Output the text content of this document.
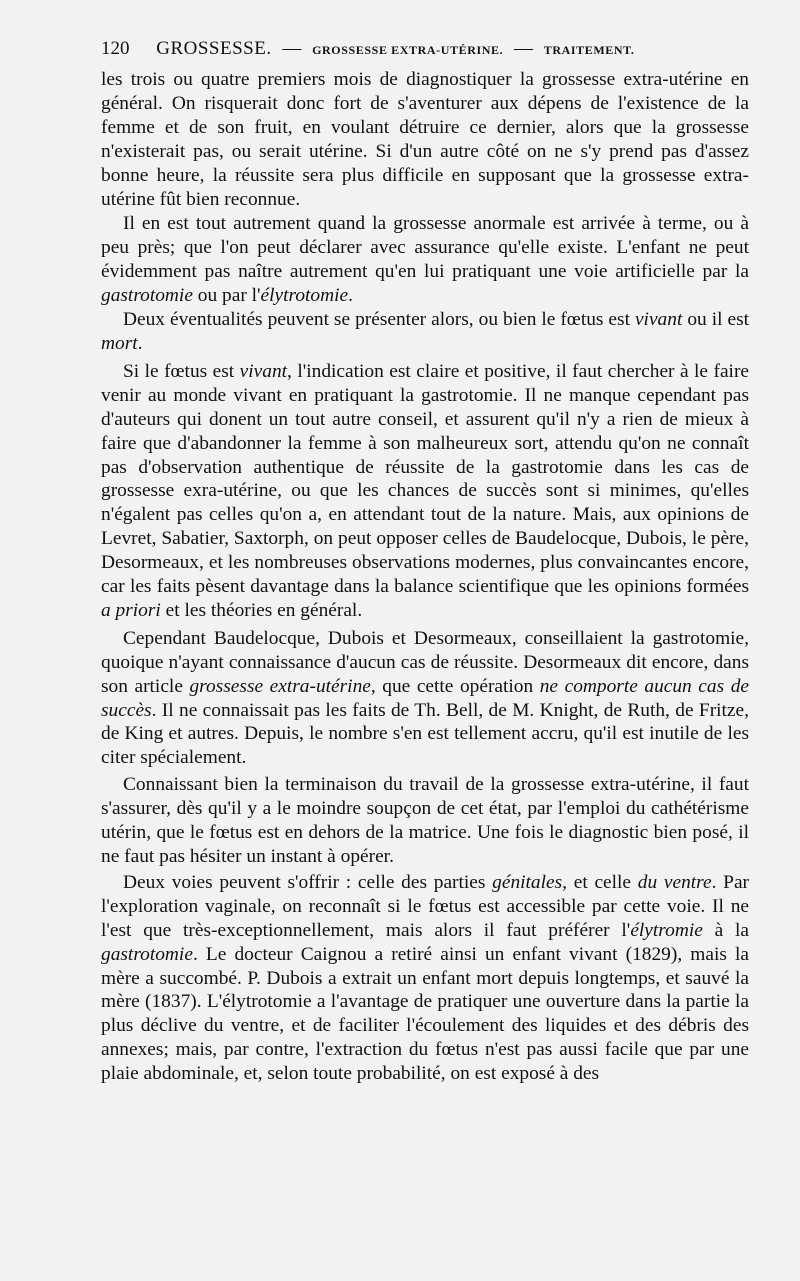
120 GROSSESSE. — GROSSESSE EXTRA-UTÉRINE. — TRAITEMENT.

les trois ou quatre premiers mois de diagnostiquer la grossesse extra-utérine en général. On risquerait donc fort de s'aventurer aux dépens de l'existence de la femme et de son fruit, en voulant détruire ce dernier, alors que la grossesse n'existerait pas, ou serait utérine. Si d'un autre côté on ne s'y prend pas d'assez bonne heure, la réussite sera plus difficile en supposant que la grossesse extra-utérine fût bien reconnue.

Il en est tout autrement quand la grossesse anormale est arrivée à terme, ou à peu près; que l'on peut déclarer avec assurance qu'elle existe. L'enfant ne peut évidemment pas naître autrement qu'en lui pratiquant une voie artificielle par la gastrotomie ou par l'élytrotomie.

Deux éventualités peuvent se présenter alors, ou bien le fœtus est vivant ou il est mort.

Si le fœtus est vivant, l'indication est claire et positive, il faut chercher à le faire venir au monde vivant en pratiquant la gastrotomie. Il ne manque cependant pas d'auteurs qui donent un tout autre conseil, et assurent qu'il n'y a rien de mieux à faire que d'abandonner la femme à son malheureux sort, attendu qu'on ne connaît pas d'observation authentique de réussite de la gastrotomie dans les cas de grossesse exra-utérine, ou que les chances de succès sont si minimes, qu'elles n'égalent pas celles qu'on a, en attendant tout de la nature. Mais, aux opinions de Levret, Sabatier, Saxtorph, on peut opposer celles de Baudelocque, Dubois, le père, Desormeaux, et les nombreuses observations modernes, plus convaincantes encore, car les faits pèsent davantage dans la balance scientifique que les opinions formées a priori et les théories en général.

Cependant Baudelocque, Dubois et Desormeaux, conseillaient la gastrotomie, quoique n'ayant connaissance d'aucun cas de réussite. Desormeaux dit encore, dans son article grossesse extra-utérine, que cette opération ne comporte aucun cas de succès. Il ne connaissait pas les faits de Th. Bell, de M. Knight, de Ruth, de Fritze, de King et autres. Depuis, le nombre s'en est tellement accru, qu'il est inutile de les citer spécialement.

Connaissant bien la terminaison du travail de la grossesse extra-utérine, il faut s'assurer, dès qu'il y a le moindre soupçon de cet état, par l'emploi du cathétérisme utérin, que le fœtus est en dehors de la matrice. Une fois le diagnostic bien posé, il ne faut pas hésiter un instant à opérer.

Deux voies peuvent s'offrir : celle des parties génitales, et celle du ventre. Par l'exploration vaginale, on reconnaît si le fœtus est accessible par cette voie. Il ne l'est que très-exceptionnellement, mais alors il faut préférer l'élytromie à la gastrotomie. Le docteur Caignou a retiré ainsi un enfant vivant (1829), mais la mère a succombé. P. Dubois a extrait un enfant mort depuis longtemps, et sauvé la mère (1837). L'élytrotomie a l'avantage de pratiquer une ouverture dans la partie la plus déclive du ventre, et de faciliter l'écoulement des liquides et des débris des annexes; mais, par contre, l'extraction du fœtus n'est pas aussi facile que par une plaie abdominale, et, selon toute probabilité, on est exposé à des
